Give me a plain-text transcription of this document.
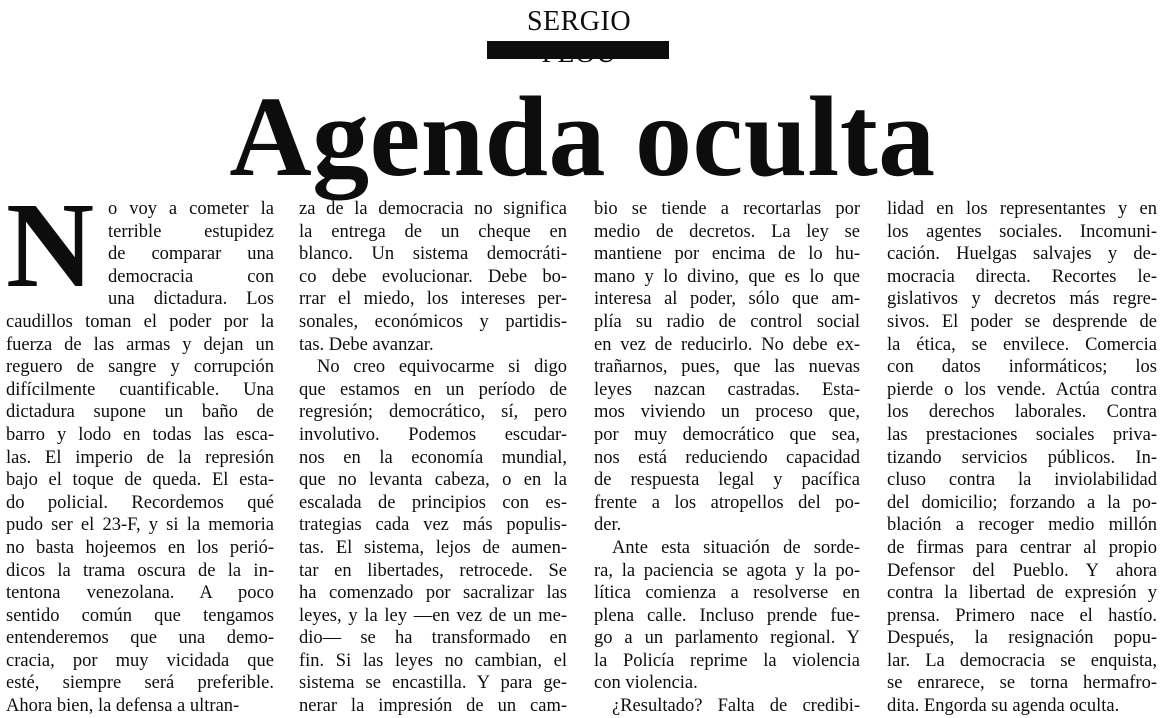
SERGIO
Agenda oculta
N o voy a cometer la
terrible estupidez
de comparar una
democracia con
una dictadura. Los
caudillos toman el poder por la
fuerza de las armas y dejan un
reguero de sangre y corrupción
difícilmente cuantificable. Una
dictadura supone un baño de
barro y lodo en todas las esca-
las. El imperio de la represión
bajo el toque de queda. El esta-
do policial. Recordemos qué
pudo ser el 23-F, y si la memoria
no basta hojeemos en los perió-
dicos la trama oscura de la in-
tentona venezolana. A poco
sentido común que tengamos
entenderemos que una demo-
cracia, por muy vicidada que
esté, siempre será preferible.
Ahora bien, la defensa a ultran-
za de la democracia no significa
la entrega de un cheque en
blanco. Un sistema democráti-
co debe evolucionar. Debe bo-
rrar el miedo, los intereses per-
sonales, económicos y partidis-
tas. Debe avanzar.
No creo equivocarme si digo
que estamos en un período de
regresión; democrático, sí, pero
involutivo. Podemos escudar-
nos en la economía mundial,
que no levanta cabeza, o en la
escalada de principios con es-
trategias cada vez más populis-
tas. El sistema, lejos de aumen-
tar en libertades, retrocede. Se
ha comenzado por sacralizar las
leyes, y la ley —en vez de un me-
dio— se ha transformado en
fin. Si las leyes no cambian, el
sistema se encastilla. Y para ge-
nerar la impresión de un cam-
bio se tiende a recortarlas por
medio de decretos. La ley se
mantiene por encima de lo hu-
mano y lo divino, que es lo que
interesa al poder, sólo que am-
plía su radio de control social
en vez de reducirlo. No debe ex-
trañarnos, pues, que las nuevas
leyes nazcan castradas. Esta-
mos viviendo un proceso que,
por muy democrático que sea,
nos está reduciendo capacidad
de respuesta legal y pacífica
frente a los atropellos del po-
der.
Ante esta situación de sorde-
ra, la paciencia se agota y la po-
lítica comienza a resolverse en
plena calle. Incluso prende fue-
go a un parlamento regional. Y
la Policía reprime la violencia
con violencia.
¿Resultado? Falta de credibi-
lidad en los representantes y en
los agentes sociales. Incomuni-
cación. Huelgas salvajes y de-
mocracia directa. Recortes le-
gislativos y decretos más regre-
sivos. El poder se desprende de
la ética, se envilece. Comercia
con datos informáticos; los
pierde o los vende. Actúa contra
los derechos laborales. Contra
las prestaciones sociales priva-
tizando servicios públicos. In-
cluso contra la inviolabilidad
del domicilio; forzando a la po-
blación a recoger medio millón
de firmas para centrar al propio
Defensor del Pueblo. Y ahora
contra la libertad de expresión y
prensa. Primero nace el hastío.
Después, la resignación popu-
lar. La democracia se enquista,
se enrarece, se torna hermafro-
dita. Engorda su agenda oculta.
